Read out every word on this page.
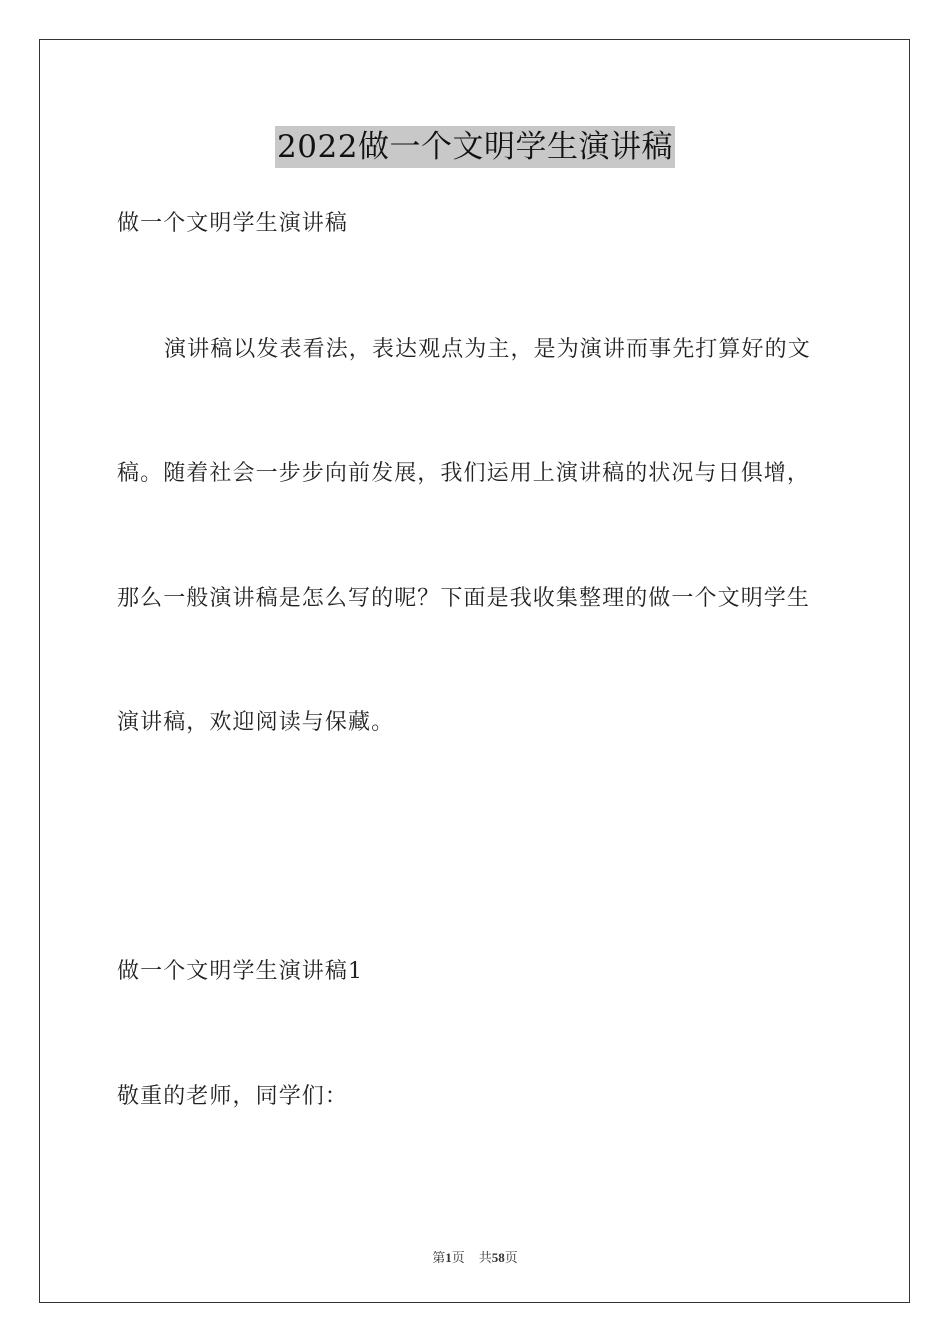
2022做一个文明学生演讲稿
做一个文明学生演讲稿
演讲稿以发表看法，表达观点为主，是为演讲而事先打算好的文
稿。随着社会一步步向前发展，我们运用上演讲稿的状况与日俱增，
那么一般演讲稿是怎么写的呢？下面是我收集整理的做一个文明学生
演讲稿，欢迎阅读与保藏。
做一个文明学生演讲稿1
敬重的老师，同学们：
第1页 共58页
